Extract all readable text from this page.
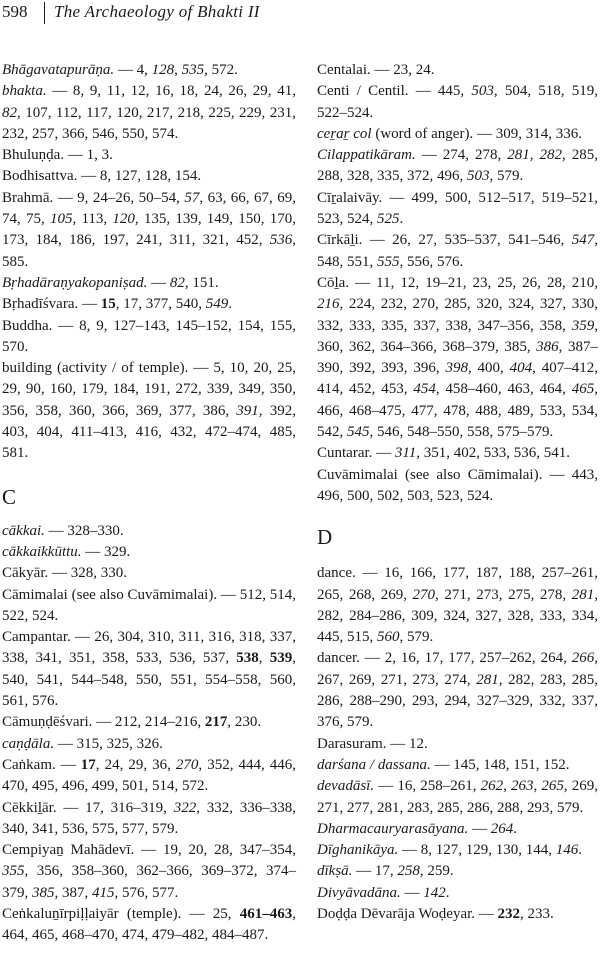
598 The Archaeology of Bhakti II
Bhāgavatapurāṇa. — 4, 128, 535, 572.
bhakta. — 8, 9, 11, 12, 16, 18, 24, 26, 29, 41, 82, 107, 112, 117, 120, 217, 218, 225, 229, 231, 232, 257, 366, 546, 550, 574.
Bhuluṇḍa. — 1, 3.
Bodhisattva. — 8, 127, 128, 154.
Brahmā. — 9, 24–26, 50–54, 57, 63, 66, 67, 69, 74, 75, 105, 113, 120, 135, 139, 149, 150, 170, 173, 184, 186, 197, 241, 311, 321, 452, 536, 585.
Bṛhadāraṇyakopaniṣad. — 82, 151.
Bṛhadīśvara. — 15, 17, 377, 540, 549.
Buddha. — 8, 9, 127–143, 145–152, 154, 155, 570.
building (activity / of temple). — 5, 10, 20, 25, 29, 90, 160, 179, 184, 191, 272, 339, 349, 350, 356, 358, 360, 366, 369, 377, 386, 391, 392, 403, 404, 411–413, 416, 432, 472–474, 485, 581.
C
cākkai. — 328–330.
cākkaikkūttu. — 329.
Cākyār. — 328, 330.
Cāmimalai (see also Cuvāmimalai). — 512, 514, 522, 524.
Campantar. — 26, 304, 310, 311, 316, 318, 337, 338, 341, 351, 358, 533, 536, 537, 538, 539, 540, 541, 544–548, 550, 551, 554–558, 560, 561, 576.
Cāmuṇḍēśvari. — 212, 214–216, 217, 230.
caṇḍāla. — 315, 325, 326.
Caṅkam. — 17, 24, 29, 36, 270, 352, 444, 446, 470, 495, 496, 499, 501, 514, 572.
Cēkkiḻār. — 17, 316–319, 322, 332, 336–338, 340, 341, 536, 575, 577, 579.
Cempiyaṉ Mahādevī. — 19, 20, 28, 347–354, 355, 356, 358–360, 362–366, 369–372, 374–379, 385, 387, 415, 576, 577.
Ceṅkaluṉīrpiḷḷaiyār (temple). — 25, 461–463, 464, 465, 468–470, 474, 479–482, 484–487.
Centalai. — 23, 24.
Centi / Centil. — 445, 503, 504, 518, 519, 522–524.
ceṟaṟ col (word of anger). — 309, 314, 336.
Cilappatikāram. — 274, 278, 281, 282, 285, 288, 328, 335, 372, 496, 503, 579.
Cīṟalaivāy. — 499, 500, 512–517, 519–521, 523, 524, 525.
Cīrkāḻi. — 26, 27, 535–537, 541–546, 547, 548, 551, 555, 556, 576.
Cōḻa. — 11, 12, 19–21, 23, 25, 26, 28, 210, 216, 224, 232, 270, 285, 320, 324, 327, 330, 332, 333, 335, 337, 338, 347–356, 358, 359, 360, 362, 364–366, 368–379, 385, 386, 387–390, 392, 393, 396, 398, 400, 404, 407–412, 414, 452, 453, 454, 458–460, 463, 464, 465, 466, 468–475, 477, 478, 488, 489, 533, 534, 542, 545, 546, 548–550, 558, 575–579.
Cuntarar. — 311, 351, 402, 533, 536, 541.
Cuvāmimalai (see also Cāmimalai). — 443, 496, 500, 502, 503, 523, 524.
D
dance. — 16, 166, 177, 187, 188, 257–261, 265, 268, 269, 270, 271, 273, 275, 278, 281, 282, 284–286, 309, 324, 327, 328, 333, 334, 445, 515, 560, 579.
dancer. — 2, 16, 17, 177, 257–262, 264, 266, 267, 269, 271, 273, 274, 281, 282, 283, 285, 286, 288–290, 293, 294, 327–329, 332, 337, 376, 579.
Darasuram. — 12.
darśana / dassana. — 145, 148, 151, 152.
devadāsī. — 16, 258–261, 262, 263, 265, 269, 271, 277, 281, 283, 285, 286, 288, 293, 579.
Dharmacauryarasāyana. — 264.
Dīghanikāya. — 8, 127, 129, 130, 144, 146.
dīkṣā. — 17, 258, 259.
Divyāvadāna. — 142.
Doḍḍa Dēvarāja Woḍeyar. — 232, 233.
